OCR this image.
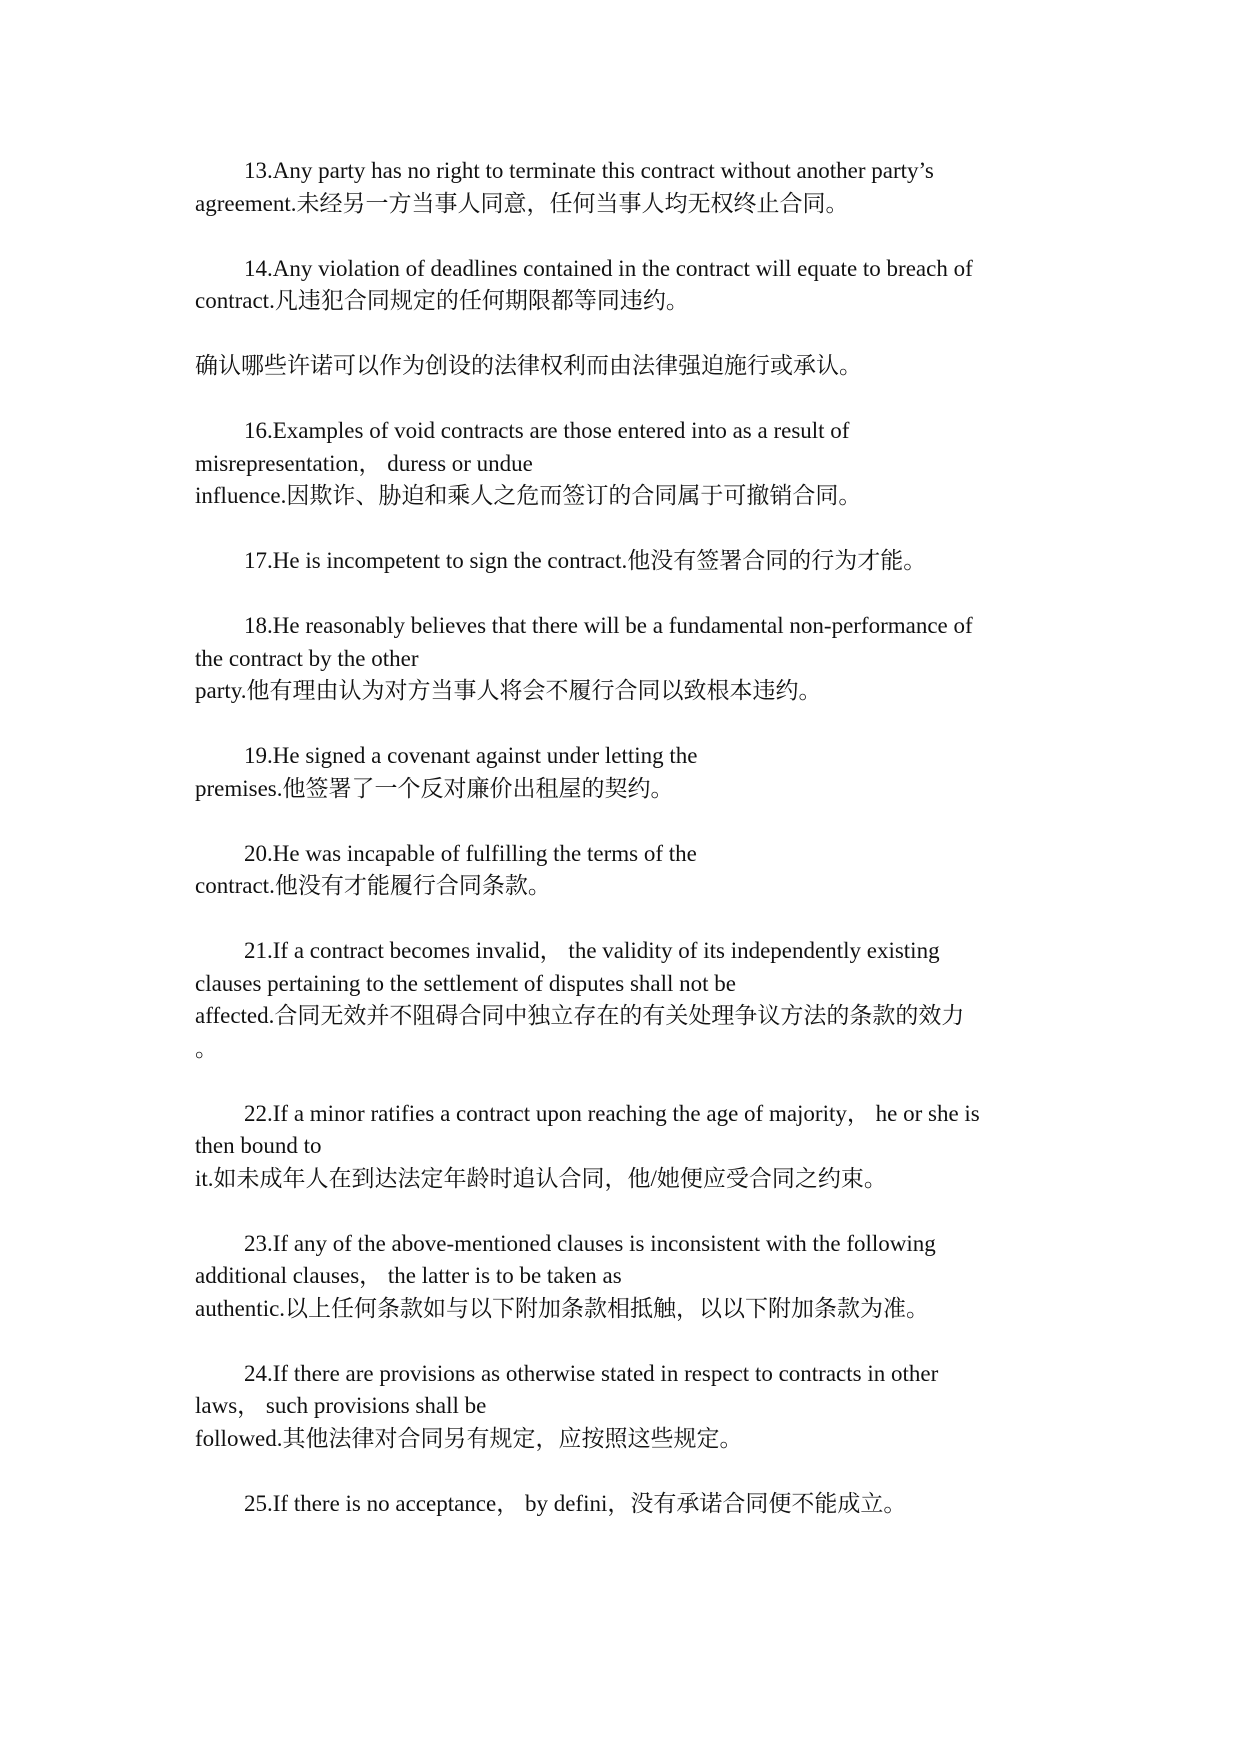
13.Any party has no right to terminate this contract without another party’s
agreement.未经另一方当事人同意，任何当事人均无权终止合同。
14.Any violation of deadlines contained in the contract will equate to breach of
contract.凡违犯合同规定的任何期限都等同违约。
确认哪些许诺可以作为创设的法律权利而由法律强迫施行或承认。
16.Examples of void contracts are those entered into as a result of
misrepresentation， duress or undue
influence.因欺诈、胁迫和乘人之危而签订的合同属于可撤销合同。
17.He is incompetent to sign the contract.他没有签署合同的行为才能。
18.He reasonably believes that there will be a fundamental non-performance of
the contract by the other
party.他有理由认为对方当事人将会不履行合同以致根本违约。
19.He signed a covenant against under letting the
premises.他签署了一个反对廉价出租屋的契约。
20.He was incapable of fulfilling the terms of the
contract.他没有才能履行合同条款。
21.If a contract becomes invalid， the validity of its independently existing
clauses pertaining to the settlement of disputes shall not be
affected.合同无效并不阻碍合同中独立存在的有关处理争议方法的条款的效力
。
22.If a minor ratifies a contract upon reaching the age of majority， he or she is
then bound to
it.如未成年人在到达法定年龄时追认合同，他/她便应受合同之约束。
23.If any of the above-mentioned clauses is inconsistent with the following
additional clauses， the latter is to be taken as
authentic.以上任何条款如与以下附加条款相抵触，以以下附加条款为准。
24.If there are provisions as otherwise stated in respect to contracts in other
laws， such provisions shall be
followed.其他法律对合同另有规定，应按照这些规定。
25.If there is no acceptance， by defini，没有承诺合同便不能成立。
